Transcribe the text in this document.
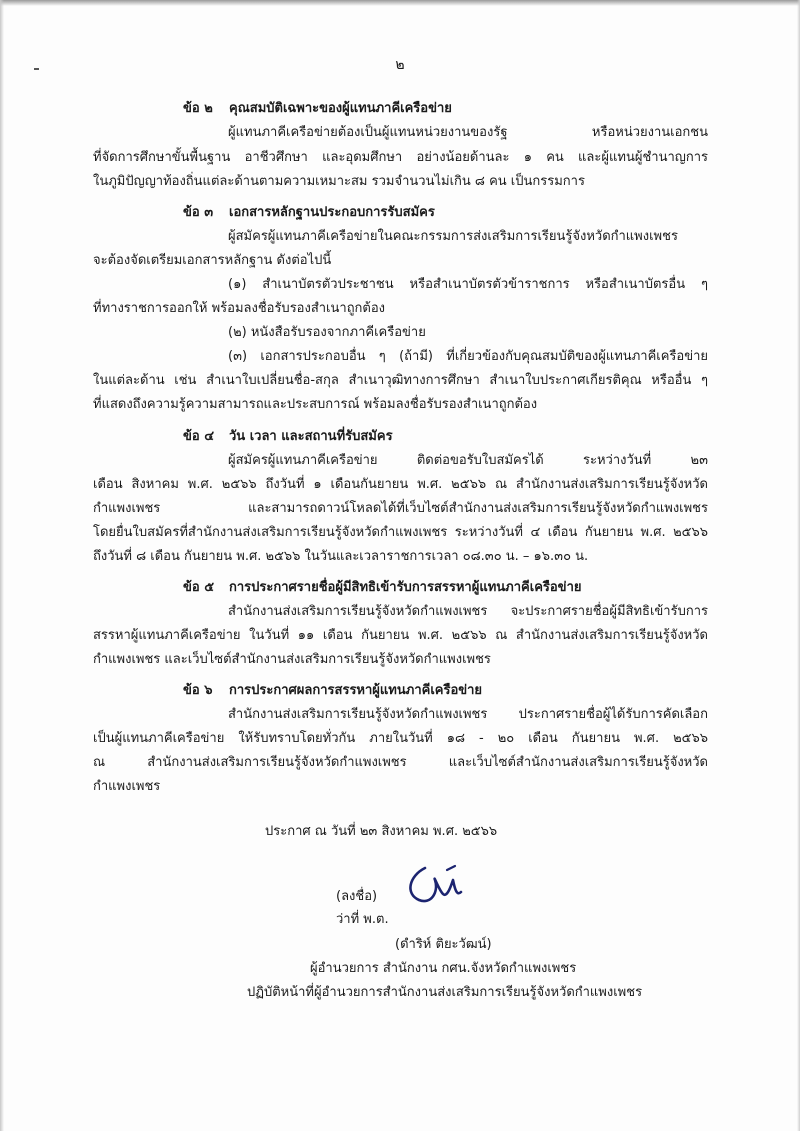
๒
ข้อ ๒ คุณสมบัติเฉพาะของผู้แทนภาคีเครือข่าย
ผู้แทนภาคีเครือข่ายต้องเป็นผู้แทนหน่วยงานของรัฐ หรือหน่วยงานเอกชน
ที่จัดการศึกษาขั้นพื้นฐาน อาชีวศึกษา และอุดมศึกษา อย่างน้อยด้านละ ๑ คน และผู้แทนผู้ชำนาญการ
ในภูมิปัญญาท้องถิ่นแต่ละด้านตามความเหมาะสม รวมจำนวนไม่เกิน ๘ คน เป็นกรรมการ
ข้อ ๓ เอกสารหลักฐานประกอบการรับสมัคร
ผู้สมัครผู้แทนภาคีเครือข่ายในคณะกรรมการส่งเสริมการเรียนรู้จังหวัดกำแพงเพชร
จะต้องจัดเตรียมเอกสารหลักฐาน ดังต่อไปนี้
(๑) สำเนาบัตรตัวประชาชน หรือสำเนาบัตรตัวข้าราชการ หรือสำเนาบัตรอื่น ๆ
ที่ทางราชการออกให้ พร้อมลงชื่อรับรองสำเนาถูกต้อง
(๒) หนังสือรับรองจากภาคีเครือข่าย
(๓) เอกสารประกอบอื่น ๆ (ถ้ามี) ที่เกี่ยวข้องกับคุณสมบัติของผู้แทนภาคีเครือข่าย
ในแต่ละด้าน เช่น สำเนาใบเปลี่ยนชื่อ-สกุล สำเนาวุฒิทางการศึกษา สำเนาใบประกาศเกียรติคุณ หรืออื่น ๆ
ที่แสดงถึงความรู้ความสามารถและประสบการณ์ พร้อมลงชื่อรับรองสำเนาถูกต้อง
ข้อ ๔ วัน เวลา และสถานที่รับสมัคร
ผู้สมัครผู้แทนภาคีเครือข่าย ติดต่อขอรับใบสมัครได้ ระหว่างวันที่ ๒๓
เดือน สิงหาคม พ.ศ. ๒๕๖๖ ถึงวันที่ ๑ เดือนกันยายน พ.ศ. ๒๕๖๖ ณ สำนักงานส่งเสริมการเรียนรู้จังหวัด
กำแพงเพชร และสามารถดาวน์โหลดได้ที่เว็บไซต์สำนักงานส่งเสริมการเรียนรู้จังหวัดกำแพงเพชร
โดยยื่นใบสมัครที่สำนักงานส่งเสริมการเรียนรู้จังหวัดกำแพงเพชร ระหว่างวันที่ ๔ เดือน กันยายน พ.ศ. ๒๕๖๖
ถึงวันที่ ๘ เดือน กันยายน พ.ศ. ๒๕๖๖ ในวันและเวลาราชการเวลา ๐๘.๓๐ น. – ๑๖.๓๐ น.
ข้อ ๕ การประกาศรายชื่อผู้มีสิทธิเข้ารับการสรรหาผู้แทนภาคีเครือข่าย
สำนักงานส่งเสริมการเรียนรู้จังหวัดกำแพงเพชร จะประกาศรายชื่อผู้มีสิทธิเข้ารับการ
สรรหาผู้แทนภาคีเครือข่าย ในวันที่ ๑๑ เดือน กันยายน พ.ศ. ๒๕๖๖ ณ สำนักงานส่งเสริมการเรียนรู้จังหวัด
กำแพงเพชร และเว็บไซต์สำนักงานส่งเสริมการเรียนรู้จังหวัดกำแพงเพชร
ข้อ ๖ การประกาศผลการสรรหาผู้แทนภาคีเครือข่าย
สำนักงานส่งเสริมการเรียนรู้จังหวัดกำแพงเพชร ประกาศรายชื่อผู้ได้รับการคัดเลือก
เป็นผู้แทนภาคีเครือข่าย ให้รับทราบโดยทั่วกัน ภายในวันที่ ๑๘ - ๒๐ เดือน กันยายน พ.ศ. ๒๕๖๖
ณ สำนักงานส่งเสริมการเรียนรู้จังหวัดกำแพงเพชร และเว็บไซต์สำนักงานส่งเสริมการเรียนรู้จังหวัด
กำแพงเพชร
ประกาศ ณ วันที่ ๒๓ สิงหาคม พ.ศ. ๒๕๖๖
(ลงชื่อ)
ว่าที่ พ.ต.
(ดำริห์ ติยะวัฒน์)
ผู้อำนวยการ สำนักงาน กศน.จังหวัดกำแพงเพชร
ปฏิบัติหน้าที่ผู้อำนวยการสำนักงานส่งเสริมการเรียนรู้จังหวัดกำแพงเพชร
